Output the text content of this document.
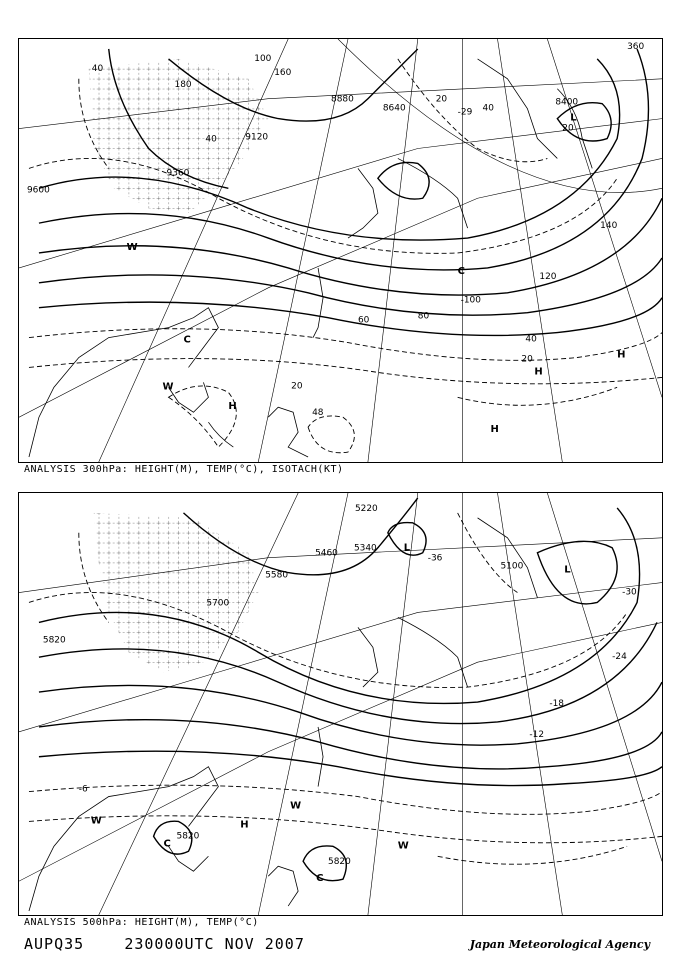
8400
8640
8880
9120
9360
9600
40
40
40
20
20
20
20
-29
60	80
100
-100
120
140
160
180
360
48
40
H
H
H
H
W
W
L
C
C
ANALYSIS 300hPa: HEIGHT(M), TEMP(°C), ISOTACH(KT)
5100
5220
5340
5460
5580
5700
5820
5820
5820
-36
-30
-24
-18
-12
-6
L
L
C
C
H
W
W
W
ANALYSIS 500hPa: HEIGHT(M), TEMP(°C)
AUPQ35	230000UTC NOV 2007	Japan Meteorological Agency
